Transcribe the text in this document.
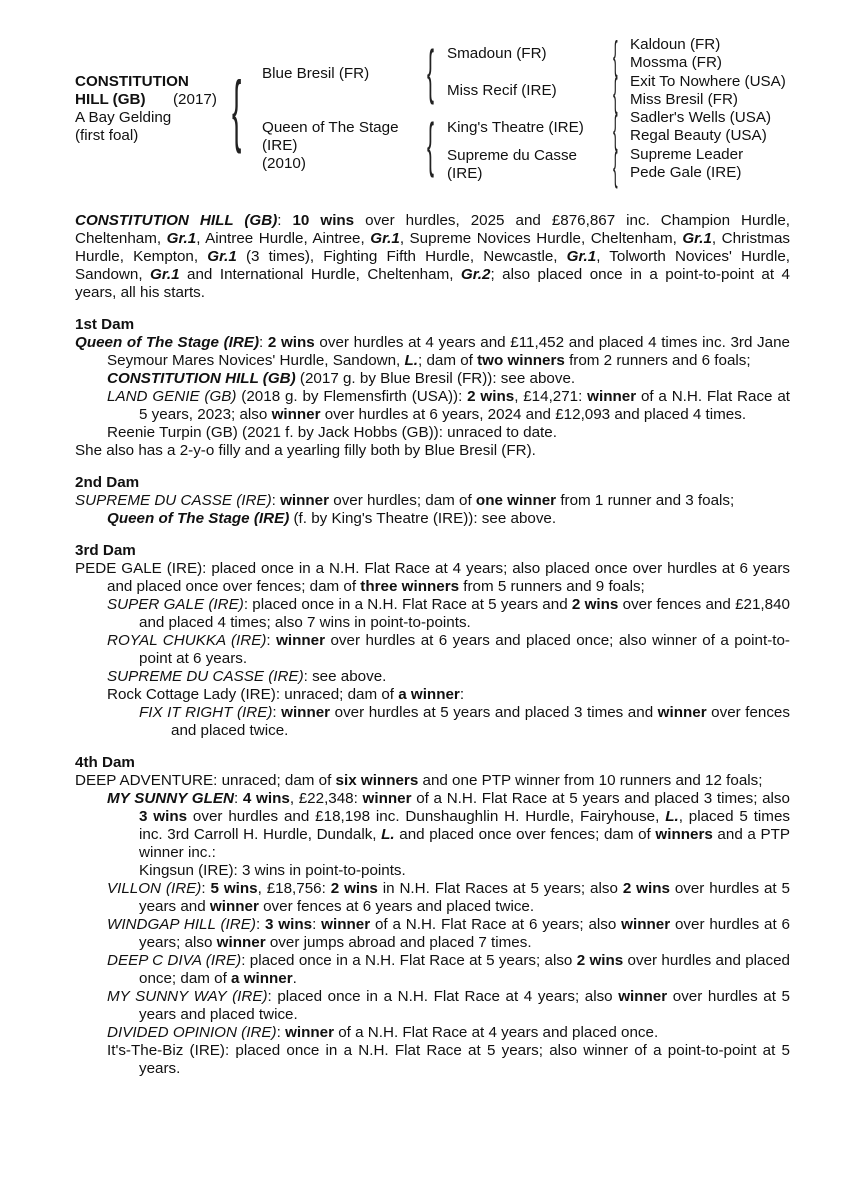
CONSTITUTION HILL (GB)	(2017)
A Bay Gelding
(first foal) { Blue Bresil (FR)
Queen of The Stage
(IRE)
(2010)
{
{
Smadoun (FR)
Miss Recif (IRE)
King's Theatre (IRE)
Supreme du Casse
(IRE)
{
{
{
{
Kaldoun (FR)
Mossma (FR)
Exit To Nowhere (USA)
Miss Bresil (FR)
Sadler's Wells (USA)
Regal Beauty (USA)
Supreme Leader
Pede Gale (IRE)

CONSTITUTION HILL (GB): 10 wins over hurdles, 2025 and £876,867 inc. Champion Hurdle, Cheltenham, Gr.1, Aintree Hurdle, Aintree, Gr.1, Supreme Novices Hurdle, Cheltenham, Gr.1, Christmas Hurdle, Kempton, Gr.1 (3 times), Fighting Fifth Hurdle, Newcastle, Gr.1, Tolworth Novices' Hurdle, Sandown, Gr.1 and International Hurdle, Cheltenham, Gr.2; also placed once in a point-to-point at 4 years, all his starts.

1st Dam

Queen of The Stage (IRE): 2 wins over hurdles at 4 years and £11,452 and placed 4 times inc. 3rd Jane Seymour Mares Novices' Hurdle, Sandown, L.; dam of two winners from 2 runners and 6 foals;

CONSTITUTION HILL (GB) (2017 g. by Blue Bresil (FR)): see above.

LAND GENIE (GB) (2018 g. by Flemensfirth (USA)): 2 wins, £14,271: winner of a N.H. Flat Race at 5 years, 2023; also winner over hurdles at 6 years, 2024 and £12,093 and placed 4 times.

Reenie Turpin (GB) (2021 f. by Jack Hobbs (GB)): unraced to date.

She also has a 2-y-o filly and a yearling filly both by Blue Bresil (FR).

2nd Dam

SUPREME DU CASSE (IRE): winner over hurdles; dam of one winner from 1 runner and 3 foals;

Queen of The Stage (IRE) (f. by King's Theatre (IRE)): see above.

3rd Dam

PEDE GALE (IRE): placed once in a N.H. Flat Race at 4 years; also placed once over hurdles at 6 years and placed once over fences; dam of three winners from 5 runners and 9 foals;

SUPER GALE (IRE): placed once in a N.H. Flat Race at 5 years and 2 wins over fences and £21,840 and placed 4 times; also 7 wins in point-to-points.

ROYAL CHUKKA (IRE): winner over hurdles at 6 years and placed once; also winner of a point-to-point at 6 years.

SUPREME DU CASSE (IRE): see above.

Rock Cottage Lady (IRE): unraced; dam of a winner:

FIX IT RIGHT (IRE): winner over hurdles at 5 years and placed 3 times and winner over fences and placed twice.

4th Dam

DEEP ADVENTURE: unraced; dam of six winners and one PTP winner from 10 runners and 12 foals;

MY SUNNY GLEN: 4 wins, £22,348: winner of a N.H. Flat Race at 5 years and placed 3 times; also 3 wins over hurdles and £18,198 inc. Dunshaughlin H. Hurdle, Fairyhouse, L., placed 5 times inc. 3rd Carroll H. Hurdle, Dundalk, L. and placed once over fences; dam of winners and a PTP winner inc.:

Kingsun (IRE): 3 wins in point-to-points.

VILLON (IRE): 5 wins, £18,756: 2 wins in N.H. Flat Races at 5 years; also 2 wins over hurdles at 5 years and winner over fences at 6 years and placed twice.

WINDGAP HILL (IRE): 3 wins: winner of a N.H. Flat Race at 6 years; also winner over hurdles at 6 years; also winner over jumps abroad and placed 7 times.

DEEP C DIVA (IRE): placed once in a N.H. Flat Race at 5 years; also 2 wins over hurdles and placed once; dam of a winner.

MY SUNNY WAY (IRE): placed once in a N.H. Flat Race at 4 years; also winner over hurdles at 5 years and placed twice.

DIVIDED OPINION (IRE): winner of a N.H. Flat Race at 4 years and placed once.

It's-The-Biz (IRE): placed once in a N.H. Flat Race at 5 years; also winner of a point-to-point at 5 years.
